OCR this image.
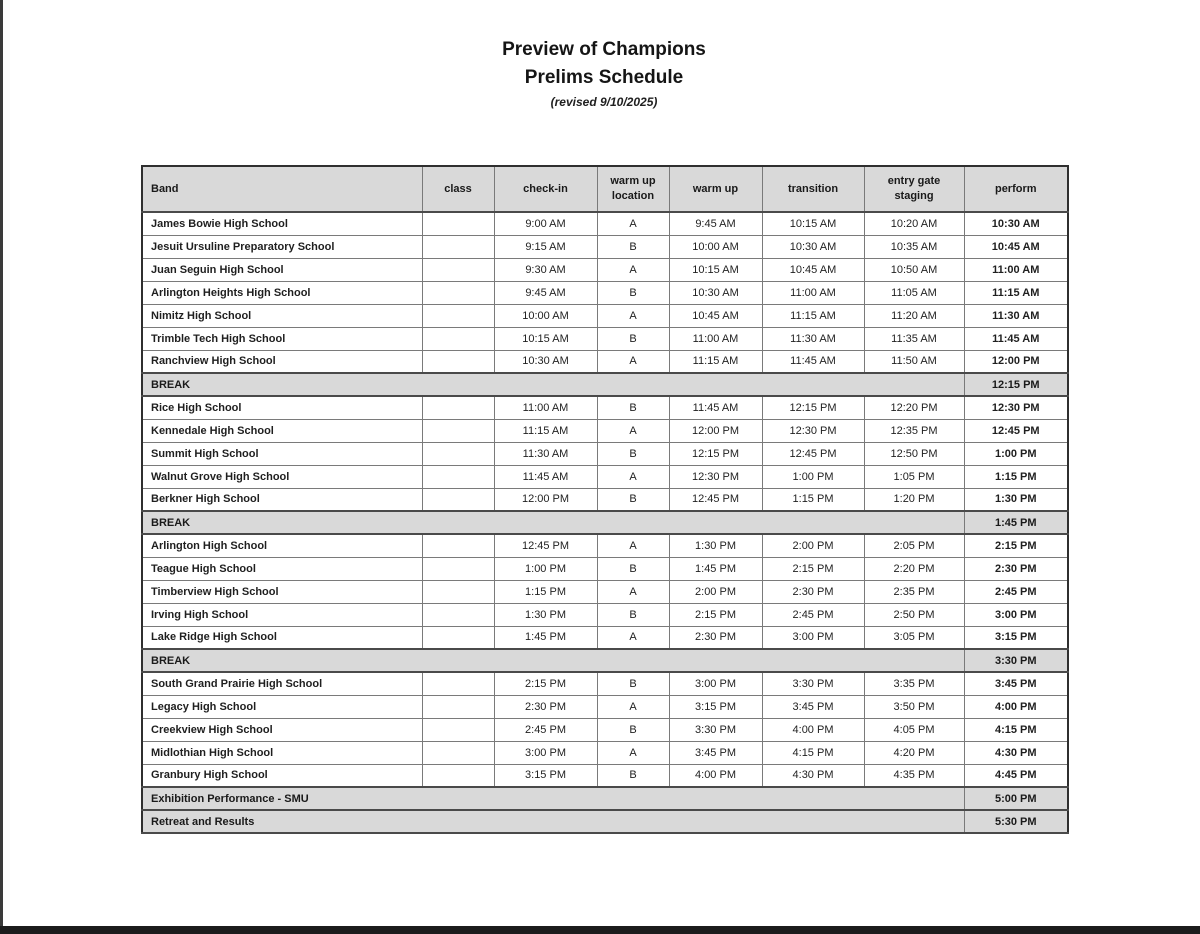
Preview of Champions
Prelims Schedule
(revised 9/10/2025)
Band	class	check-in	warm up location	warm up	transition	entry gate staging	perform
James Bowie High School		9:00 AM	A	9:45 AM	10:15 AM	10:20 AM	10:30 AM
Jesuit Ursuline Preparatory School		9:15 AM	B	10:00 AM	10:30 AM	10:35 AM	10:45 AM
Juan Seguin High School		9:30 AM	A	10:15 AM	10:45 AM	10:50 AM	11:00 AM
Arlington Heights High School		9:45 AM	B	10:30 AM	11:00 AM	11:05 AM	11:15 AM
Nimitz High School		10:00 AM	A	10:45 AM	11:15 AM	11:20 AM	11:30 AM
Trimble Tech High School		10:15 AM	B	11:00 AM	11:30 AM	11:35 AM	11:45 AM
Ranchview High School		10:30 AM	A	11:15 AM	11:45 AM	11:50 AM	12:00 PM
BREAK							12:15 PM
Rice High School		11:00 AM	B	11:45 AM	12:15 PM	12:20 PM	12:30 PM
Kennedale High School		11:15 AM	A	12:00 PM	12:30 PM	12:35 PM	12:45 PM
Summit High School		11:30 AM	B	12:15 PM	12:45 PM	12:50 PM	1:00 PM
Walnut Grove High School		11:45 AM	A	12:30 PM	1:00 PM	1:05 PM	1:15 PM
Berkner High School		12:00 PM	B	12:45 PM	1:15 PM	1:20 PM	1:30 PM
BREAK							1:45 PM
Arlington High School		12:45 PM	A	1:30 PM	2:00 PM	2:05 PM	2:15 PM
Teague High School		1:00 PM	B	1:45 PM	2:15 PM	2:20 PM	2:30 PM
Timberview High School		1:15 PM	A	2:00 PM	2:30 PM	2:35 PM	2:45 PM
Irving High School		1:30 PM	B	2:15 PM	2:45 PM	2:50 PM	3:00 PM
Lake Ridge High School		1:45 PM	A	2:30 PM	3:00 PM	3:05 PM	3:15 PM
BREAK							3:30 PM
South Grand Prairie High School		2:15 PM	B	3:00 PM	3:30 PM	3:35 PM	3:45 PM
Legacy High School		2:30 PM	A	3:15 PM	3:45 PM	3:50 PM	4:00 PM
Creekview High School		2:45 PM	B	3:30 PM	4:00 PM	4:05 PM	4:15 PM
Midlothian High School		3:00 PM	A	3:45 PM	4:15 PM	4:20 PM	4:30 PM
Granbury High School		3:15 PM	B	4:00 PM	4:30 PM	4:35 PM	4:45 PM
Exhibition Performance - SMU							5:00 PM
Retreat and Results							5:30 PM
